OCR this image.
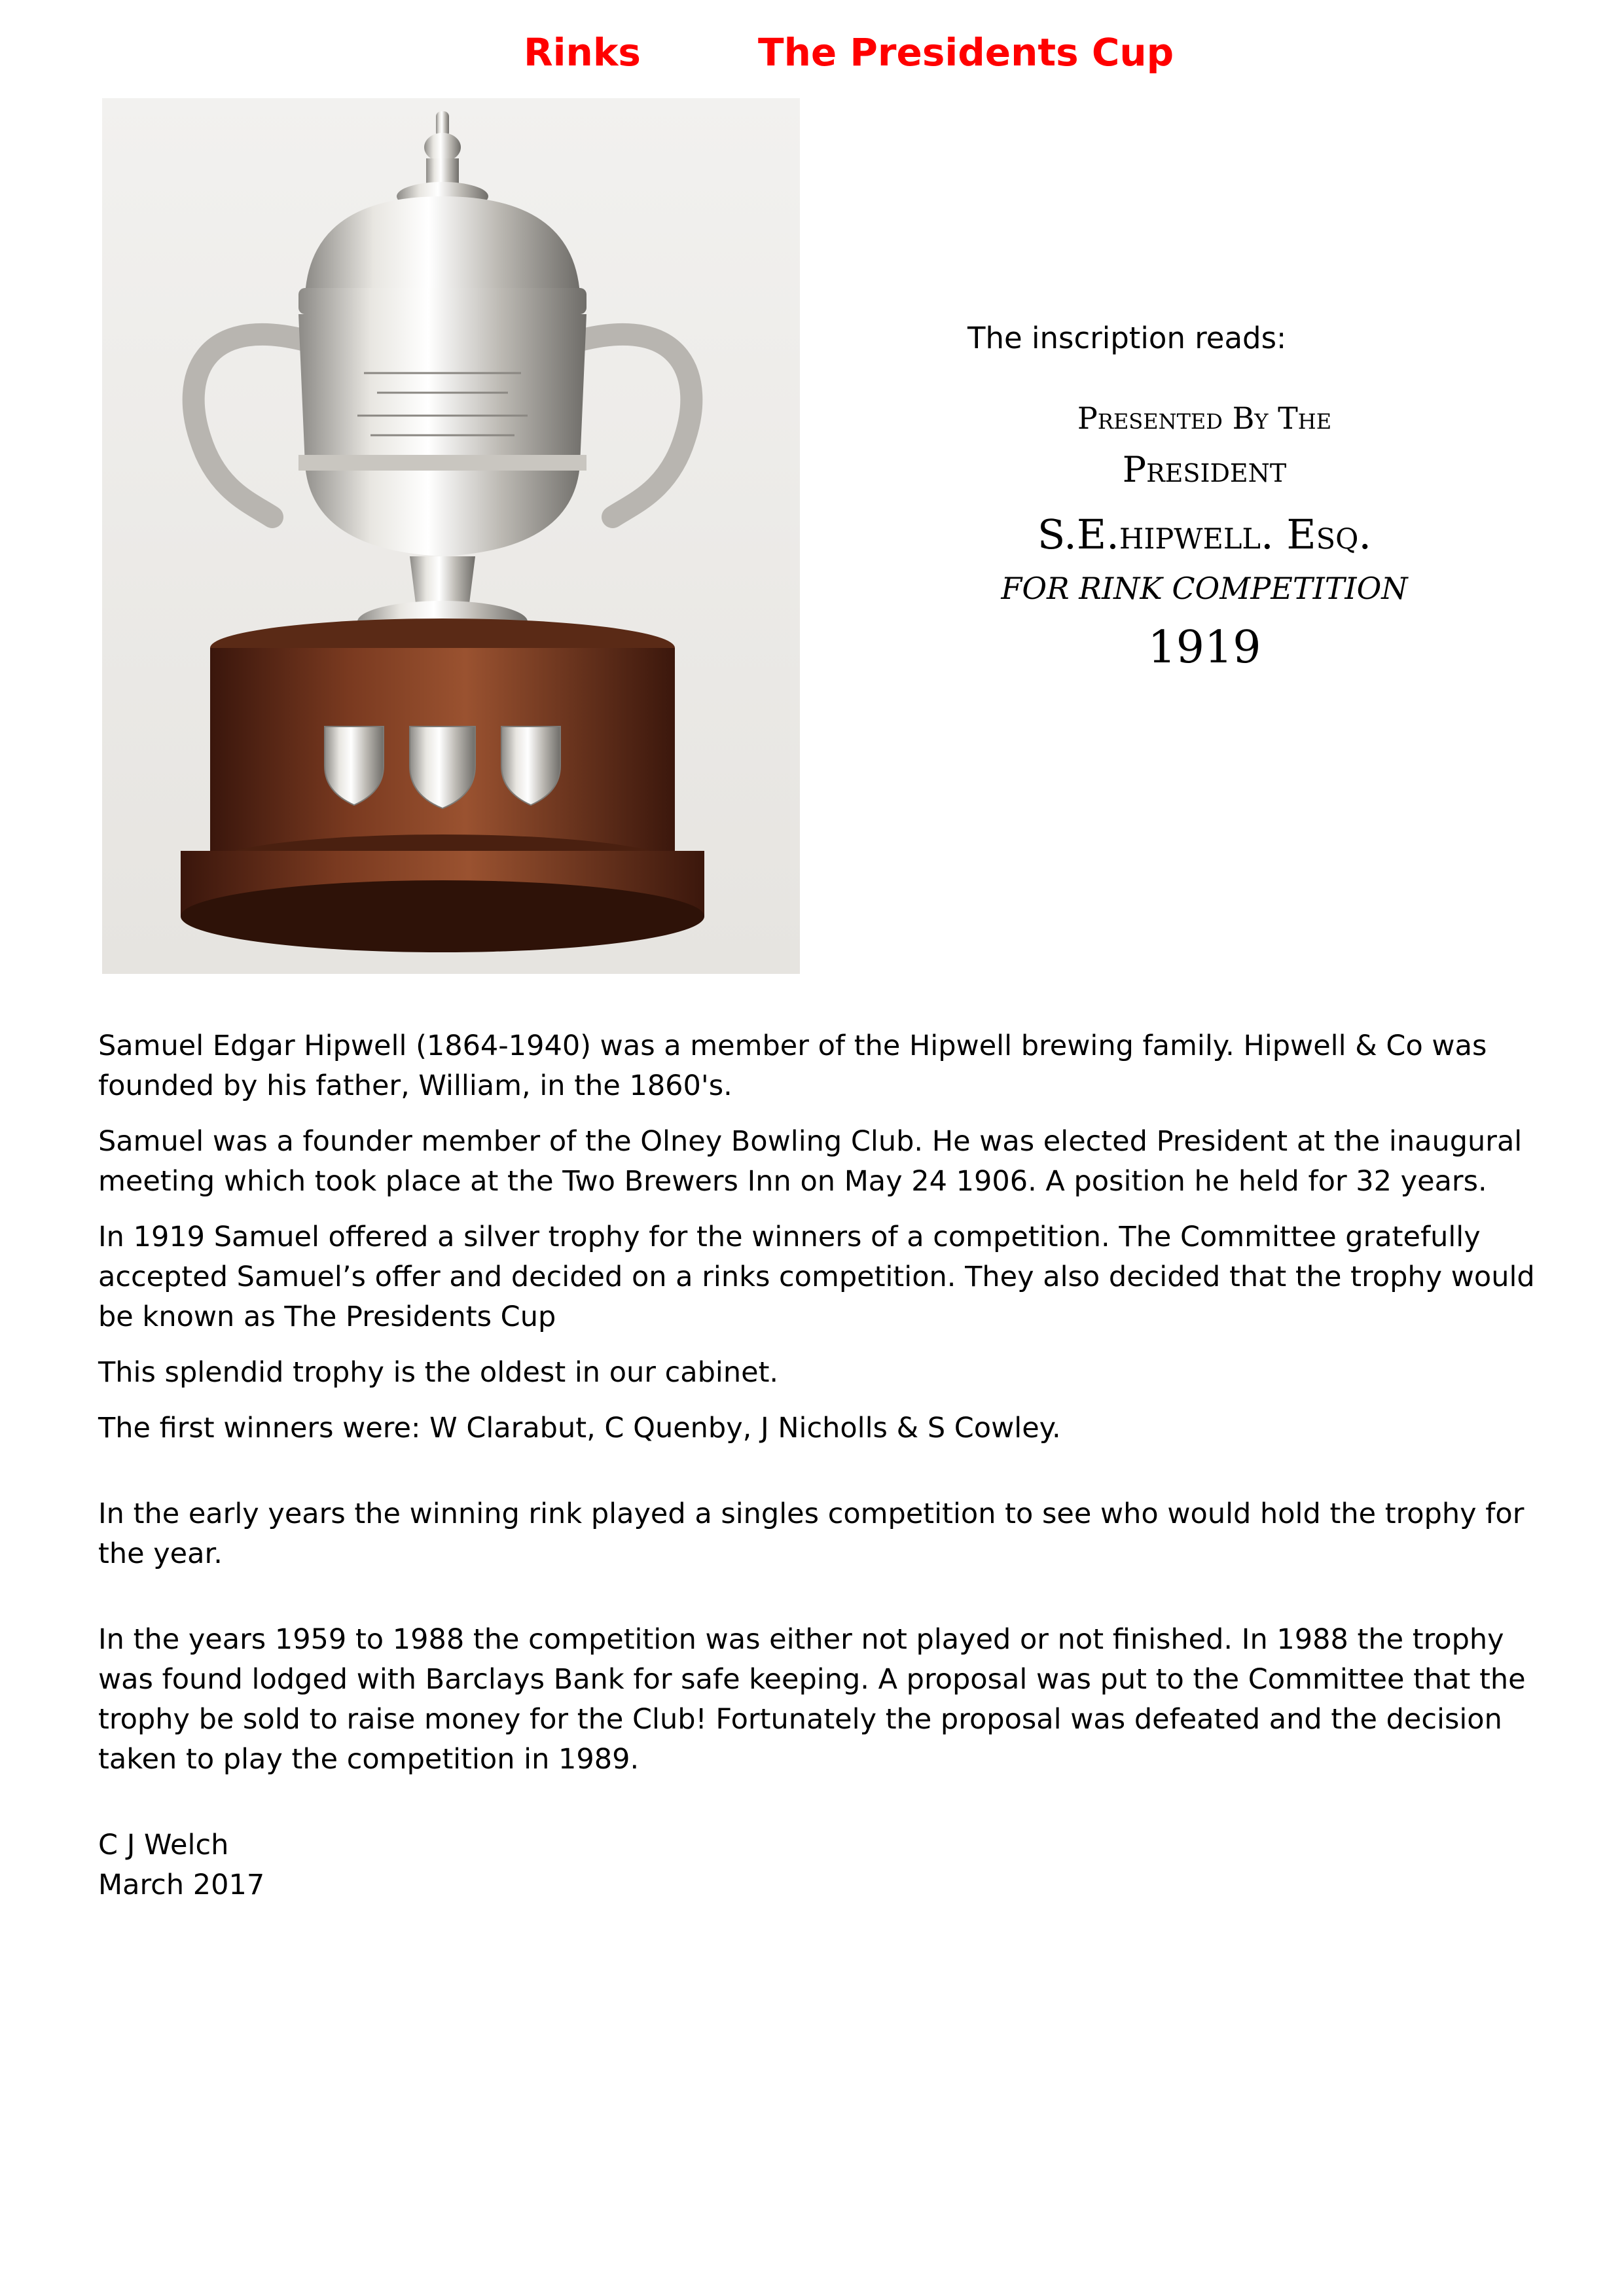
Rinks	The Presidents Cup
The inscription reads:
Presented By The
President
S.E.hipwell. Esq.
FOR RINK COMPETITION
1919

Samuel Edgar Hipwell (1864-1940) was a member of the Hipwell brewing family. Hipwell & Co was founded by his father, William, in the 1860's.

Samuel was a founder member of the Olney Bowling Club. He was elected President at the inaugural meeting which took place at the Two Brewers Inn on May 24 1906. A position he held for 32 years.

In 1919 Samuel offered a silver trophy for the winners of a competition. The Committee gratefully accepted Samuel’s offer and decided on a rinks competition. They also decided that the trophy would be known as The Presidents Cup

This splendid trophy is the oldest in our cabinet.

The first winners were: W Clarabut, C Quenby, J Nicholls & S Cowley.

In the early years the winning rink played a singles competition to see who would hold the trophy for the year.

In the years 1959 to 1988 the competition was either not played or not finished. In 1988 the trophy was found lodged with Barclays Bank for safe keeping. A proposal was put to the Committee that the trophy be sold to raise money for the Club! Fortunately the proposal was defeated and the decision taken to play the competition in 1989.

C J Welch
March 2017
